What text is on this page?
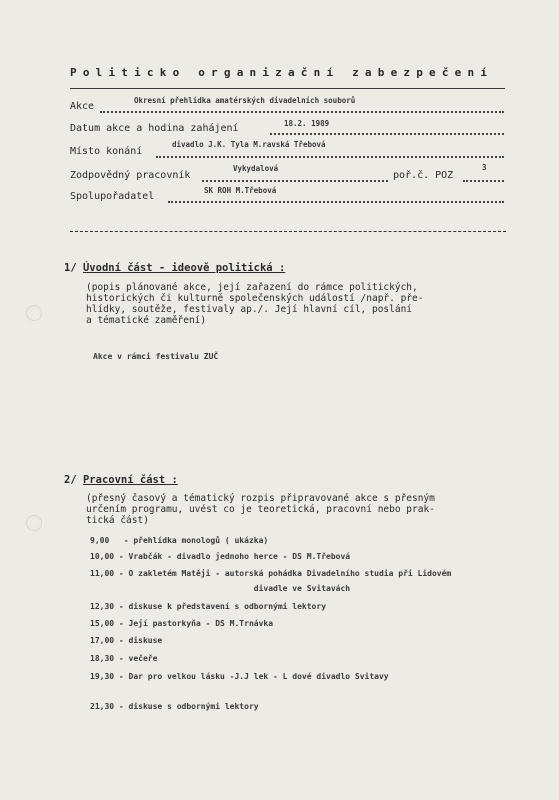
Politicko organizační zabezpečení
Akce
Okresní přehlídka amatérských divadelních souborů
Datum akce a hodina zahájení	18.2. 1989
Místo konání
divadlo J.K. Tyla M.ravská Třebová
Zodpovědný pracovník
Vykydalová
poř.č. POZ
3
Spolupořadatel
SK ROH M.Třebová
1/ Úvodní část - ideově politická :
(popis plánované akce, její zařazení do rámce politických,
historických či kulturně společenských událostí /např. pře-
hlídky, soutěže, festivaly ap./. Její hlavní cíl, poslání
a tématické zaměření)
Akce v rámci festivalu ZUČ
2/ Pracovní část :
(přesný časový a tématický rozpis připravované akce s přesným
určením programu, uvést co je teoretická, pracovní nebo prak-
tická část)
9,00   - přehlídka monologů ( ukázka)
10,00 - Vrabčák - divadlo jednoho herce - DS M.Třebová
11,00 - O zakletém Matěji - autorská pohádka Divadelního studia při Lidovém
divadle ve Svitavách
12,30 - diskuse k představení s odbornými lektory
15,00 - Její pastorkyňa - DS M.Trnávka
17,00 - diskuse
18,30 - večeře
19,30 - Dar pro velkou lásku -J.J lek - L dové divadlo Svitavy
21,30 - diskuse s odbornými lektory
